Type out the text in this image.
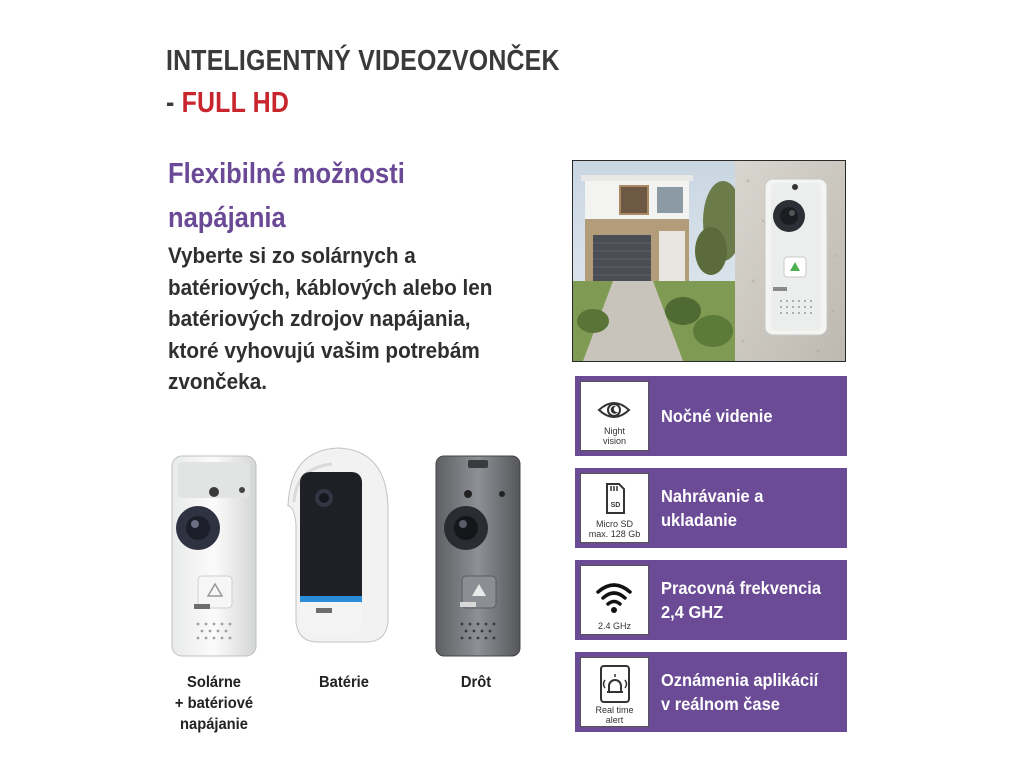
INTELIGENTNÝ VIDEOZVONČEK
- FULL HD
Flexibilné možnosti
napájania
Vyberte si zo solárnych a
batériových, káblových alebo len
batériových zdrojov napájania,
ktoré vyhovujú vašim potrebám
zvončeka.
Night
vision
Nočné videnie
SD
Micro SD
max. 128 Gb
Nahrávanie a
ukladanie
2.4 GHz
Pracovná frekvencia
2,4 GHZ
Real time
alert
Oznámenia aplikácií
v reálnom čase
Solárne
+ batériové
napájanie
Batérie	Drôt
